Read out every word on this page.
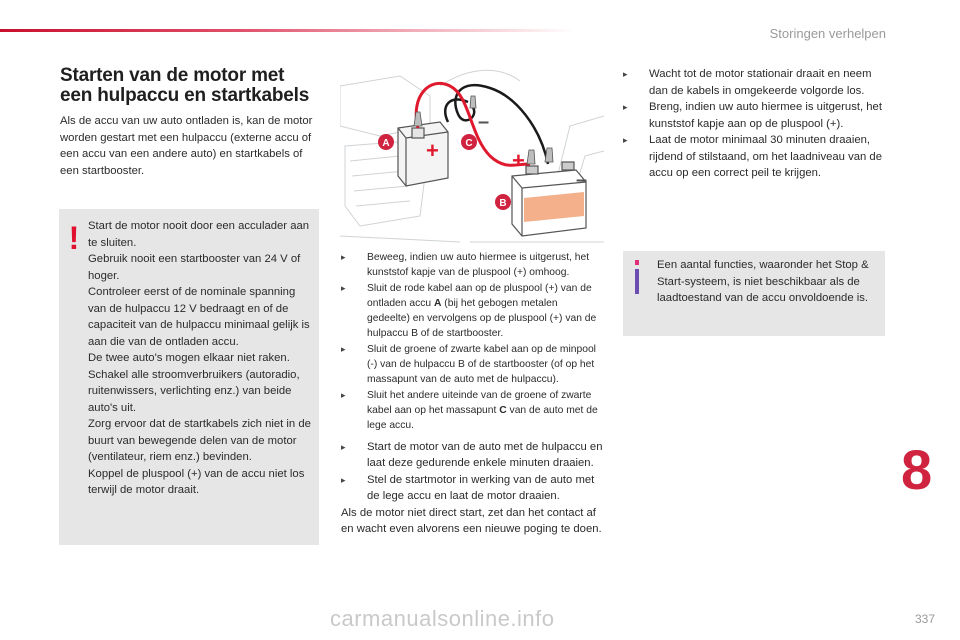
Storingen verhelpen
Starten van de motor met een hulpaccu en startkabels
Als de accu van uw auto ontladen is, kan de motor worden gestart met een hulpaccu (externe accu of een accu van een andere auto) en startkabels of een startbooster.
! Start de motor nooit door een acculader aan te sluiten.

Gebruik nooit een startbooster van 24 V of hoger.

Controleer eerst of de nominale spanning van de hulpaccu 12 V bedraagt en of de capaciteit van de hulpaccu minimaal gelijk is aan die van de ontladen accu.

De twee auto's mogen elkaar niet raken.

Schakel alle stroomverbruikers (autoradio, ruitenwissers, verlichting enz.) van beide auto's uit.

Zorg ervoor dat de startkabels zich niet in de buurt van bewegende delen van de motor (ventilateur, riem enz.) bevinden.

Koppel de pluspool (+) van de accu niet los terwijl de motor draait.

+
–
+
–
A	C
B

▸ Beweeg, indien uw auto hiermee is uitgerust, het kunststof kapje van de pluspool (+) omhoog.

▸ Sluit de rode kabel aan op de pluspool (+) van de ontladen accu A (bij het gebogen metalen gedeelte) en vervolgens op de pluspool (+) van de hulpaccu B of de startbooster.

▸ Sluit de groene of zwarte kabel aan op de minpool (-) van de hulpaccu B of de startbooster (of op het massapunt van de auto met de hulpaccu).

▸ Sluit het andere uiteinde van de groene of zwarte kabel aan op het massapunt C van de auto met de lege accu.

▸ Start de motor van de auto met de hulpaccu en laat deze gedurende enkele minuten draaien.

▸ Stel de startmotor in werking van de auto met de lege accu en laat de motor draaien.

Als de motor niet direct start, zet dan het contact af en wacht even alvorens een nieuwe poging te doen.

▸ Wacht tot de motor stationair draait en neem dan de kabels in omgekeerde volgorde los.

▸ Breng, indien uw auto hiermee is uitgerust, het kunststof kapje aan op de pluspool (+).

▸ Laat de motor minimaal 30 minuten draaien, rijdend of stilstaand, om het laadniveau van de accu op een correct peil te krijgen.

Een aantal functies, waaronder het Stop & Start-systeem, is niet beschikbaar als de laadtoestand van de accu onvoldoende is.
8
carmanualsonline.info	337
